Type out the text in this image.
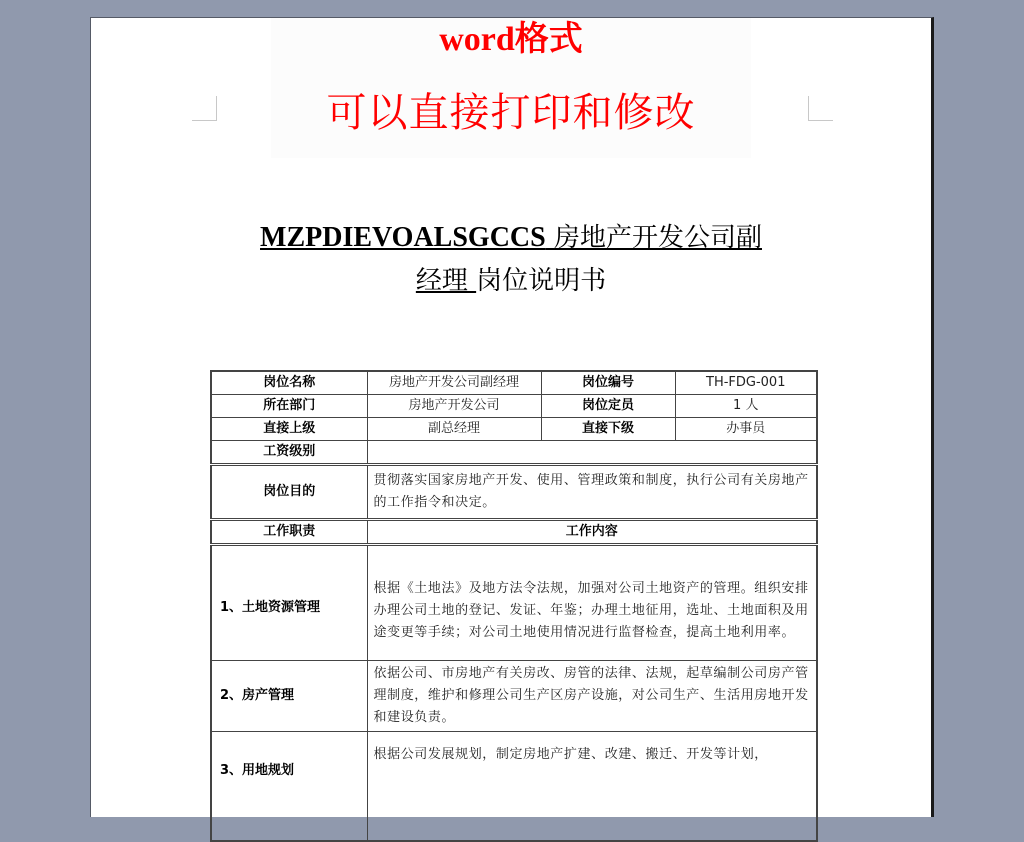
word格式
可以直接打印和修改
MZPDIEVOALSGCCS 房地产开发公司副
经理 岗位说明书
岗位名称	房地产开发公司副经理	岗位编号	TH-FDG-001
所在部门	房地产开发公司	岗位定员	1 人
直接上级	副总经理	直接下级	办事员
工资级别			
岗位目的	贯彻落实国家房地产开发、使用、管理政策和制度，执行公司有关房地产的工作指令和决定。		
工作职责	工作内容		
1、土地资源管理	根据《土地法》及地方法令法规，加强对公司土地资产的管理。组织安排办理公司土地的登记、发证、年鉴；办理土地征用，选址、土地面积及用途变更等手续；对公司土地使用情况进行监督检查，提高土地利用率。		
2、房产管理	依据公司、市房地产有关房改、房管的法律、法规，起草编制公司房产管理制度，维护和修理公司生产区房产设施，对公司生产、生活用房地开发和建设负责。		
3、用地规划	根据公司发展规划，制定房地产扩建、改建、搬迁、开发等计划，		
